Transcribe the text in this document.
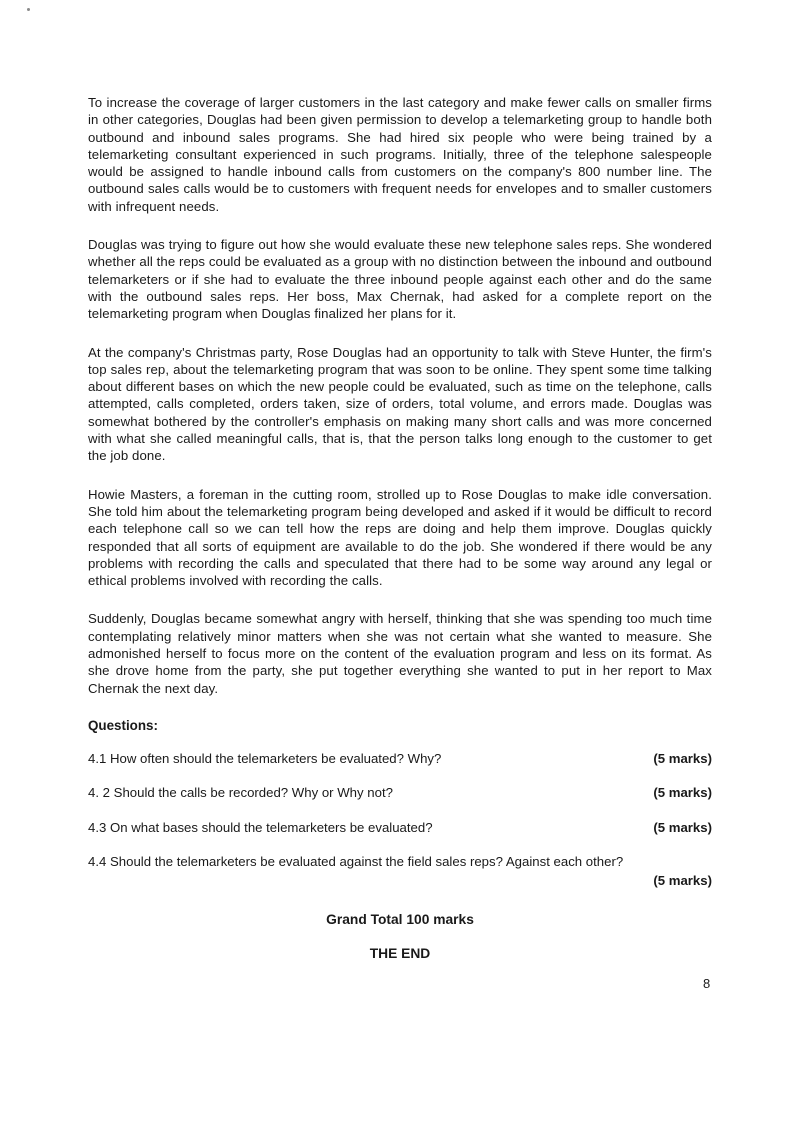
To increase the coverage of larger customers in the last category and make fewer calls on smaller firms in other categories, Douglas had been given permission to develop a telemarketing group to handle both outbound and inbound sales programs. She had hired six people who were being trained by a telemarketing consultant experienced in such programs. Initially, three of the telephone salespeople would be assigned to handle inbound calls from customers on the company's 800 number line. The outbound sales calls would be to customers with frequent needs for envelopes and to smaller customers with infrequent needs.

Douglas was trying to figure out how she would evaluate these new telephone sales reps. She wondered whether all the reps could be evaluated as a group with no distinction between the inbound and outbound telemarketers or if she had to evaluate the three inbound people against each other and do the same with the outbound sales reps. Her boss, Max Chernak, had asked for a complete report on the telemarketing program when Douglas finalized her plans for it.

At the company's Christmas party, Rose Douglas had an opportunity to talk with Steve Hunter, the firm's top sales rep, about the telemarketing program that was soon to be online. They spent some time talking about different bases on which the new people could be evaluated, such as time on the telephone, calls attempted, calls completed, orders taken, size of orders, total volume, and errors made. Douglas was somewhat bothered by the controller's emphasis on making many short calls and was more concerned with what she called meaningful calls, that is, that the person talks long enough to the customer to get the job done.

Howie Masters, a foreman in the cutting room, strolled up to Rose Douglas to make idle conversation. She told him about the telemarketing program being developed and asked if it would be difficult to record each telephone call so we can tell how the reps are doing and help them improve. Douglas quickly responded that all sorts of equipment are available to do the job. She wondered if there would be any problems with recording the calls and speculated that there had to be some way around any legal or ethical problems involved with recording the calls.

Suddenly, Douglas became somewhat angry with herself, thinking that she was spending too much time contemplating relatively minor matters when she was not certain what she wanted to measure. She admonished herself to focus more on the content of the evaluation program and less on its format. As she drove home from the party, she put together everything she wanted to put in her report to Max Chernak the next day.

Questions:
4.1 How often should the telemarketers be evaluated? Why?	(5 marks)
4. 2 Should the calls be recorded? Why or Why not?	(5 marks)
4.3 On what bases should the telemarketers be evaluated?	(5 marks)
4.4 Should the telemarketers be evaluated against the field sales reps? Against each other?
(5 marks)
Grand Total 100 marks
THE END
8
